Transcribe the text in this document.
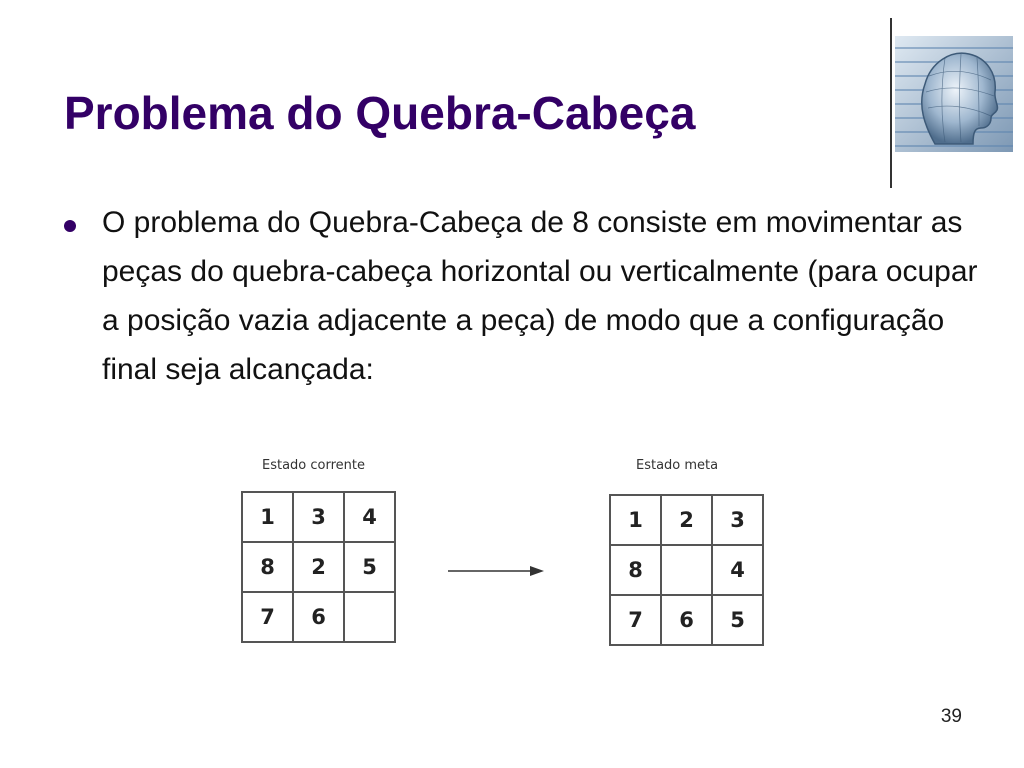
Problema do Quebra-Cabeça
O problema do Quebra-Cabeça de 8 consiste em movimentar as peças do quebra-cabeça horizontal ou verticalmente (para ocupar a posição vazia adjacente a peça) de modo que a configuração final seja alcançada:
Estado corrente
1	3	4
8	2	5
7	6	
Estado meta
1	2	3
8		4
7	6	5
39
